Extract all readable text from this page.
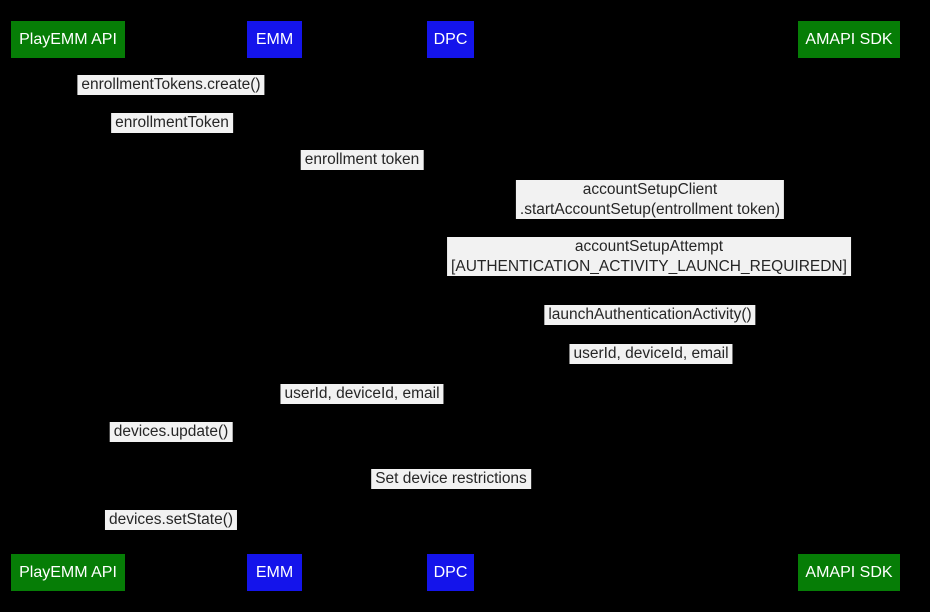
PlayEMM API	EMM	DPC	AMAPI SDK
enrollmentTokens.create()
enrollmentToken
enrollment token
accountSetupClient
.startAccountSetup(entrollment token)
accountSetupAttempt
[AUTHENTICATION_ACTIVITY_LAUNCH_REQUIREDN]
launchAuthenticationActivity()
userId, deviceId, email
userId, deviceId, email
devices.update()
Set device restrictions
devices.setState()
PlayEMM API	EMM	DPC	AMAPI SDK
